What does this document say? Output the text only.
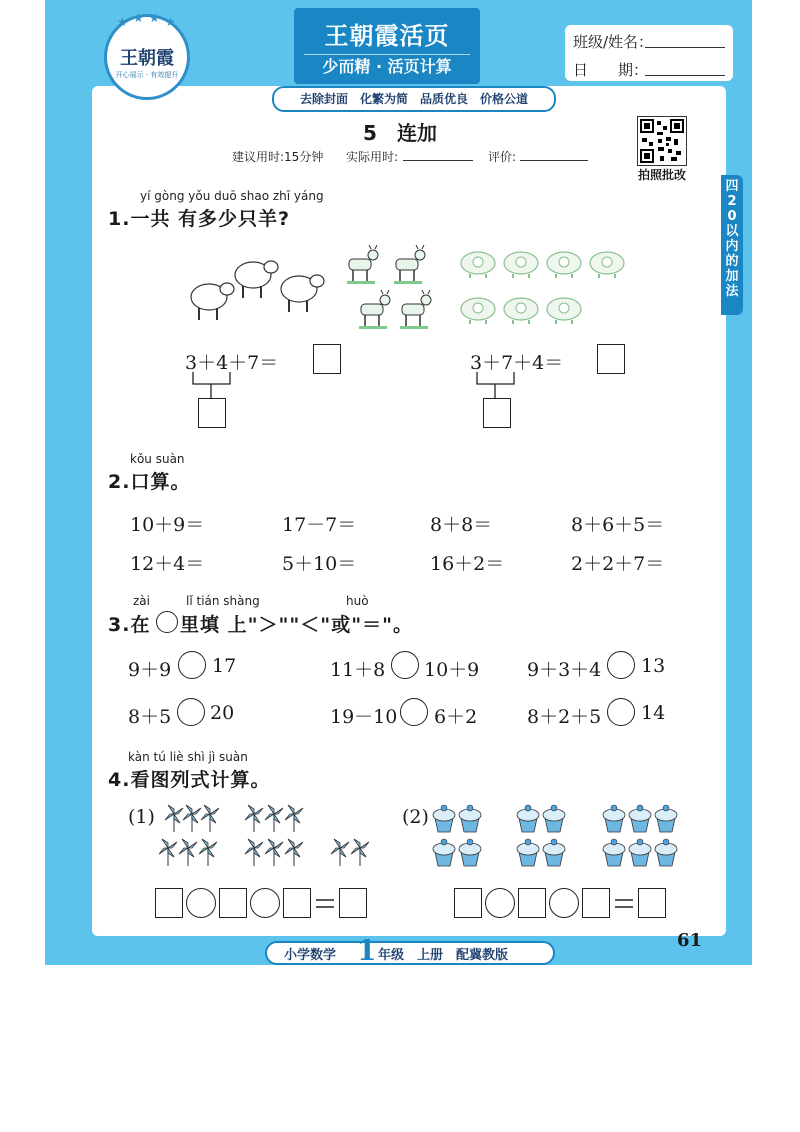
★ ★ ★ ★
王朝霞
开心展示 · 有效提升
王朝霞活页
少而精 · 活页计算
班级/姓名：
日　　期：
去除封面　化繁为简　品质优良　价格公道
5　连加
建议用时:15分钟 实际用时:	评价:
拍照批改
四 20以内的加法
yí gòng yǒu duō shao zhī yáng
1.一共 有多少只羊?
3＋4＋7＝	3＋7＋4＝
kǒu suàn
2.口算。
10＋9＝	17－7＝	8＋8＝	8＋6＋5＝
12＋4＝	5＋10＝	16＋2＝	2＋2＋7＝
zài	lǐ tián shàng	huò
3.在 里填 上"＞""＜"或"＝"。
9＋9 17	11＋8 10＋9	9＋3＋4 13
8＋5 20	19－10 6＋2	8＋2＋5 14
kàn tú liè shì jì suàn
4.看图列式计算。
(1)	(2)
小学数学 1 年级　上册　配冀教版
61
